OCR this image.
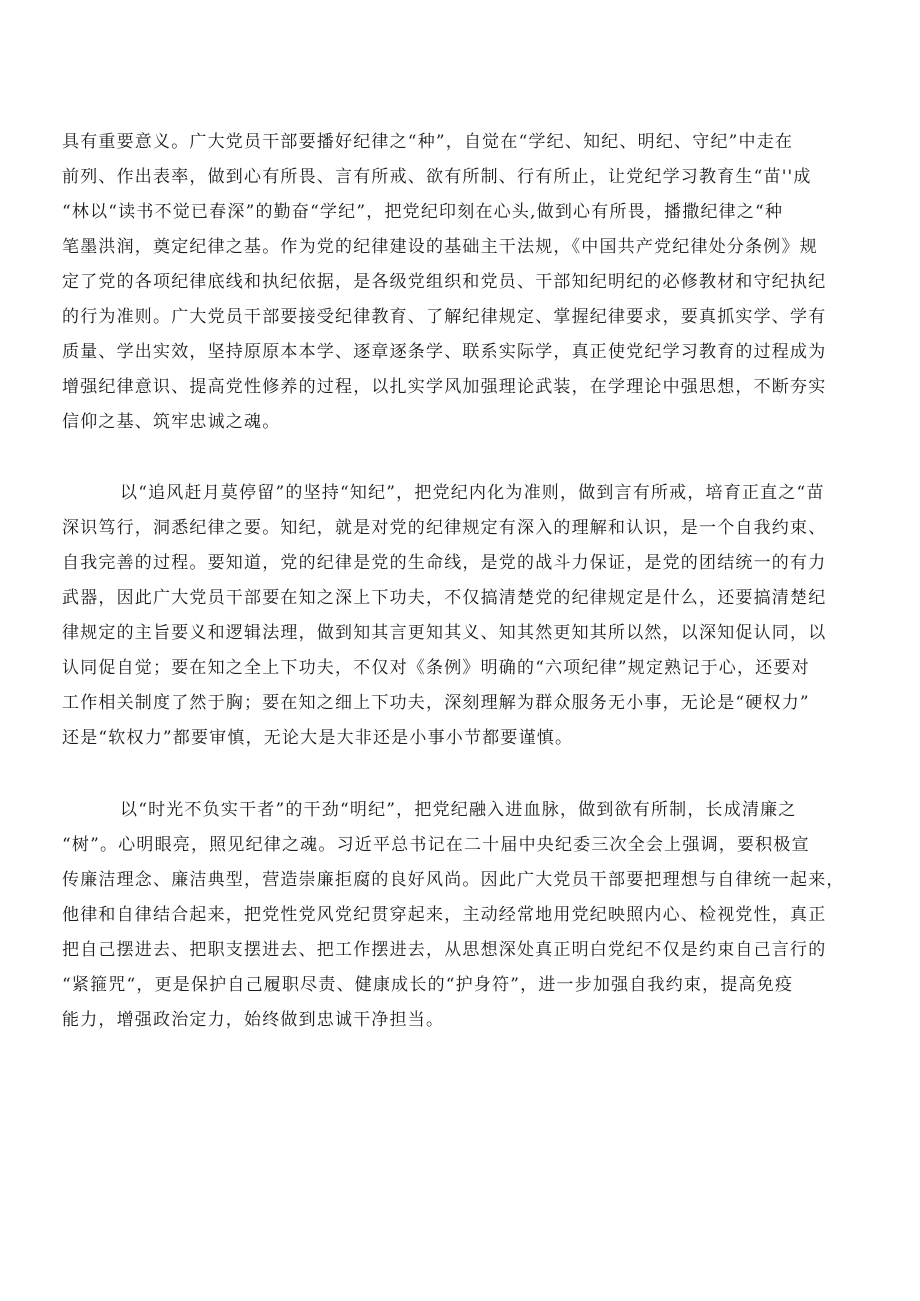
具有重要意义。广大党员干部要播好纪律之“种”，自觉在“学纪、知纪、明纪、守纪”中走在
前列、作出表率，做到心有所畏、言有所戒、欲有所制、行有所止，让党纪学习教育生“苗''成
“林以“读书不觉已春深”的勤奋“学纪”，把党纪印刻在心头,做到心有所畏，播撒纪律之“种
笔墨洪润，奠定纪律之基。作为党的纪律建设的基础主干法规，《中国共产党纪律处分条例》规
定了党的各项纪律底线和执纪依据，是各级党组织和党员、干部知纪明纪的必修教材和守纪执纪
的行为准则。广大党员干部要接受纪律教育、了解纪律规定、掌握纪律要求，要真抓实学、学有
质量、学出实效，坚持原原本本学、逐章逐条学、联系实际学，真正使党纪学习教育的过程成为
增强纪律意识、提高党性修养的过程，以扎实学风加强理论武装，在学理论中强思想，不断夯实
信仰之基、筑牢忠诚之魂。
以“追风赶月莫停留”的坚持“知纪”，把党纪内化为准则，做到言有所戒，培育正直之“苗
深识笃行，洞悉纪律之要。知纪，就是对党的纪律规定有深入的理解和认识，是一个自我约束、
自我完善的过程。要知道，党的纪律是党的生命线，是党的战斗力保证，是党的团结统一的有力
武器，因此广大党员干部要在知之深上下功夫，不仅搞清楚党的纪律规定是什么，还要搞清楚纪
律规定的主旨要义和逻辑法理，做到知其言更知其义、知其然更知其所以然，以深知促认同，以
认同促自觉；要在知之全上下功夫，不仅对《条例》明确的“六项纪律”规定熟记于心，还要对
工作相关制度了然于胸；要在知之细上下功夫，深刻理解为群众服务无小事，无论是“硬权力”
还是“软权力”都要审慎，无论大是大非还是小事小节都要谨慎。
以“时光不负实干者”的干劲“明纪”，把党纪融入进血脉，做到欲有所制，长成清廉之
“树”。心明眼亮，照见纪律之魂。习近平总书记在二十届中央纪委三次全会上强调，要积极宣
传廉洁理念、廉洁典型，营造崇廉拒腐的良好风尚。因此广大党员干部要把理想与自律统一起来，
他律和自律结合起来，把党性党风党纪贯穿起来，主动经常地用党纪映照内心、检视党性，真正
把自己摆进去、把职支摆进去、把工作摆进去，从思想深处真正明白党纪不仅是约束自己言行的
“紧箍咒“，更是保护自己履职尽责、健康成长的“护身符”，进一步加强自我约束，提高免疫
能力，增强政治定力，始终做到忠诚干净担当。
